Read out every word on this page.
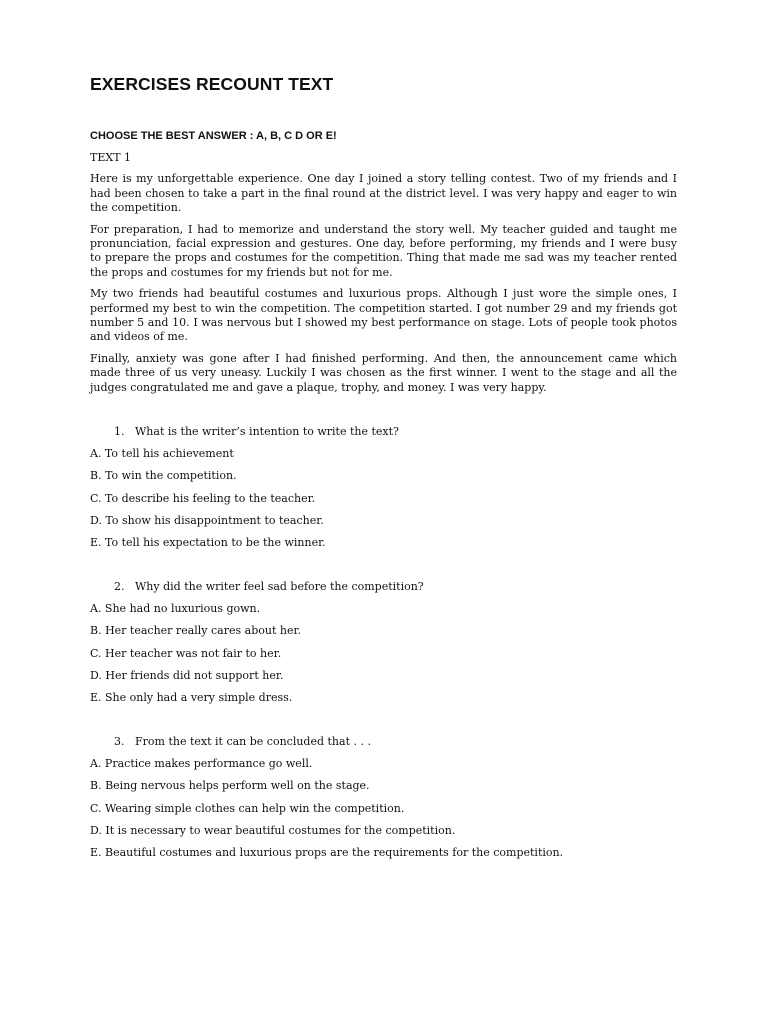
EXERCISES RECOUNT TEXT

CHOOSE THE BEST ANSWER : A, B, C D OR E!

TEXT 1

Here is my unforgettable experience. One day I joined a story telling contest. Two of my friends and I had been chosen to take a part in the final round at the district level. I was very happy and eager to win the competition.

For preparation, I had to memorize and understand the story well. My teacher guided and taught me pronunciation, facial expression and gestures. One day, before performing, my friends and I were busy to prepare the props and costumes for the competition. Thing that made me sad was my teacher rented the props and costumes for my friends but not for me.

My two friends had beautiful costumes and luxurious props. Although I just wore the simple ones, I performed my best to win the competition. The competition started. I got number 29 and my friends got number 5 and 10. I was nervous but I showed my best performance on stage. Lots of people took photos and videos of me.

Finally, anxiety was gone after I had finished performing. And then, the announcement came which made three of us very uneasy. Luckily I was chosen as the first winner. I went to the stage and all the judges congratulated me and gave a plaque, trophy, and money. I was very happy.

1. What is the writer’s intention to write the text?
A. To tell his achievement
B. To win the competition.
C. To describe his feeling to the teacher.
D. To show his disappointment to teacher.
E. To tell his expectation to be the winner.
2. Why did the writer feel sad before the competition?
A. She had no luxurious gown.
B. Her teacher really cares about her.
C. Her teacher was not fair to her.
D. Her friends did not support her.
E. She only had a very simple dress.
3. From the text it can be concluded that . . .
A. Practice makes performance go well.
B. Being nervous helps perform well on the stage.
C. Wearing simple clothes can help win the competition.
D. It is necessary to wear beautiful costumes for the competition.
E. Beautiful costumes and luxurious props are the requirements for the competition.
